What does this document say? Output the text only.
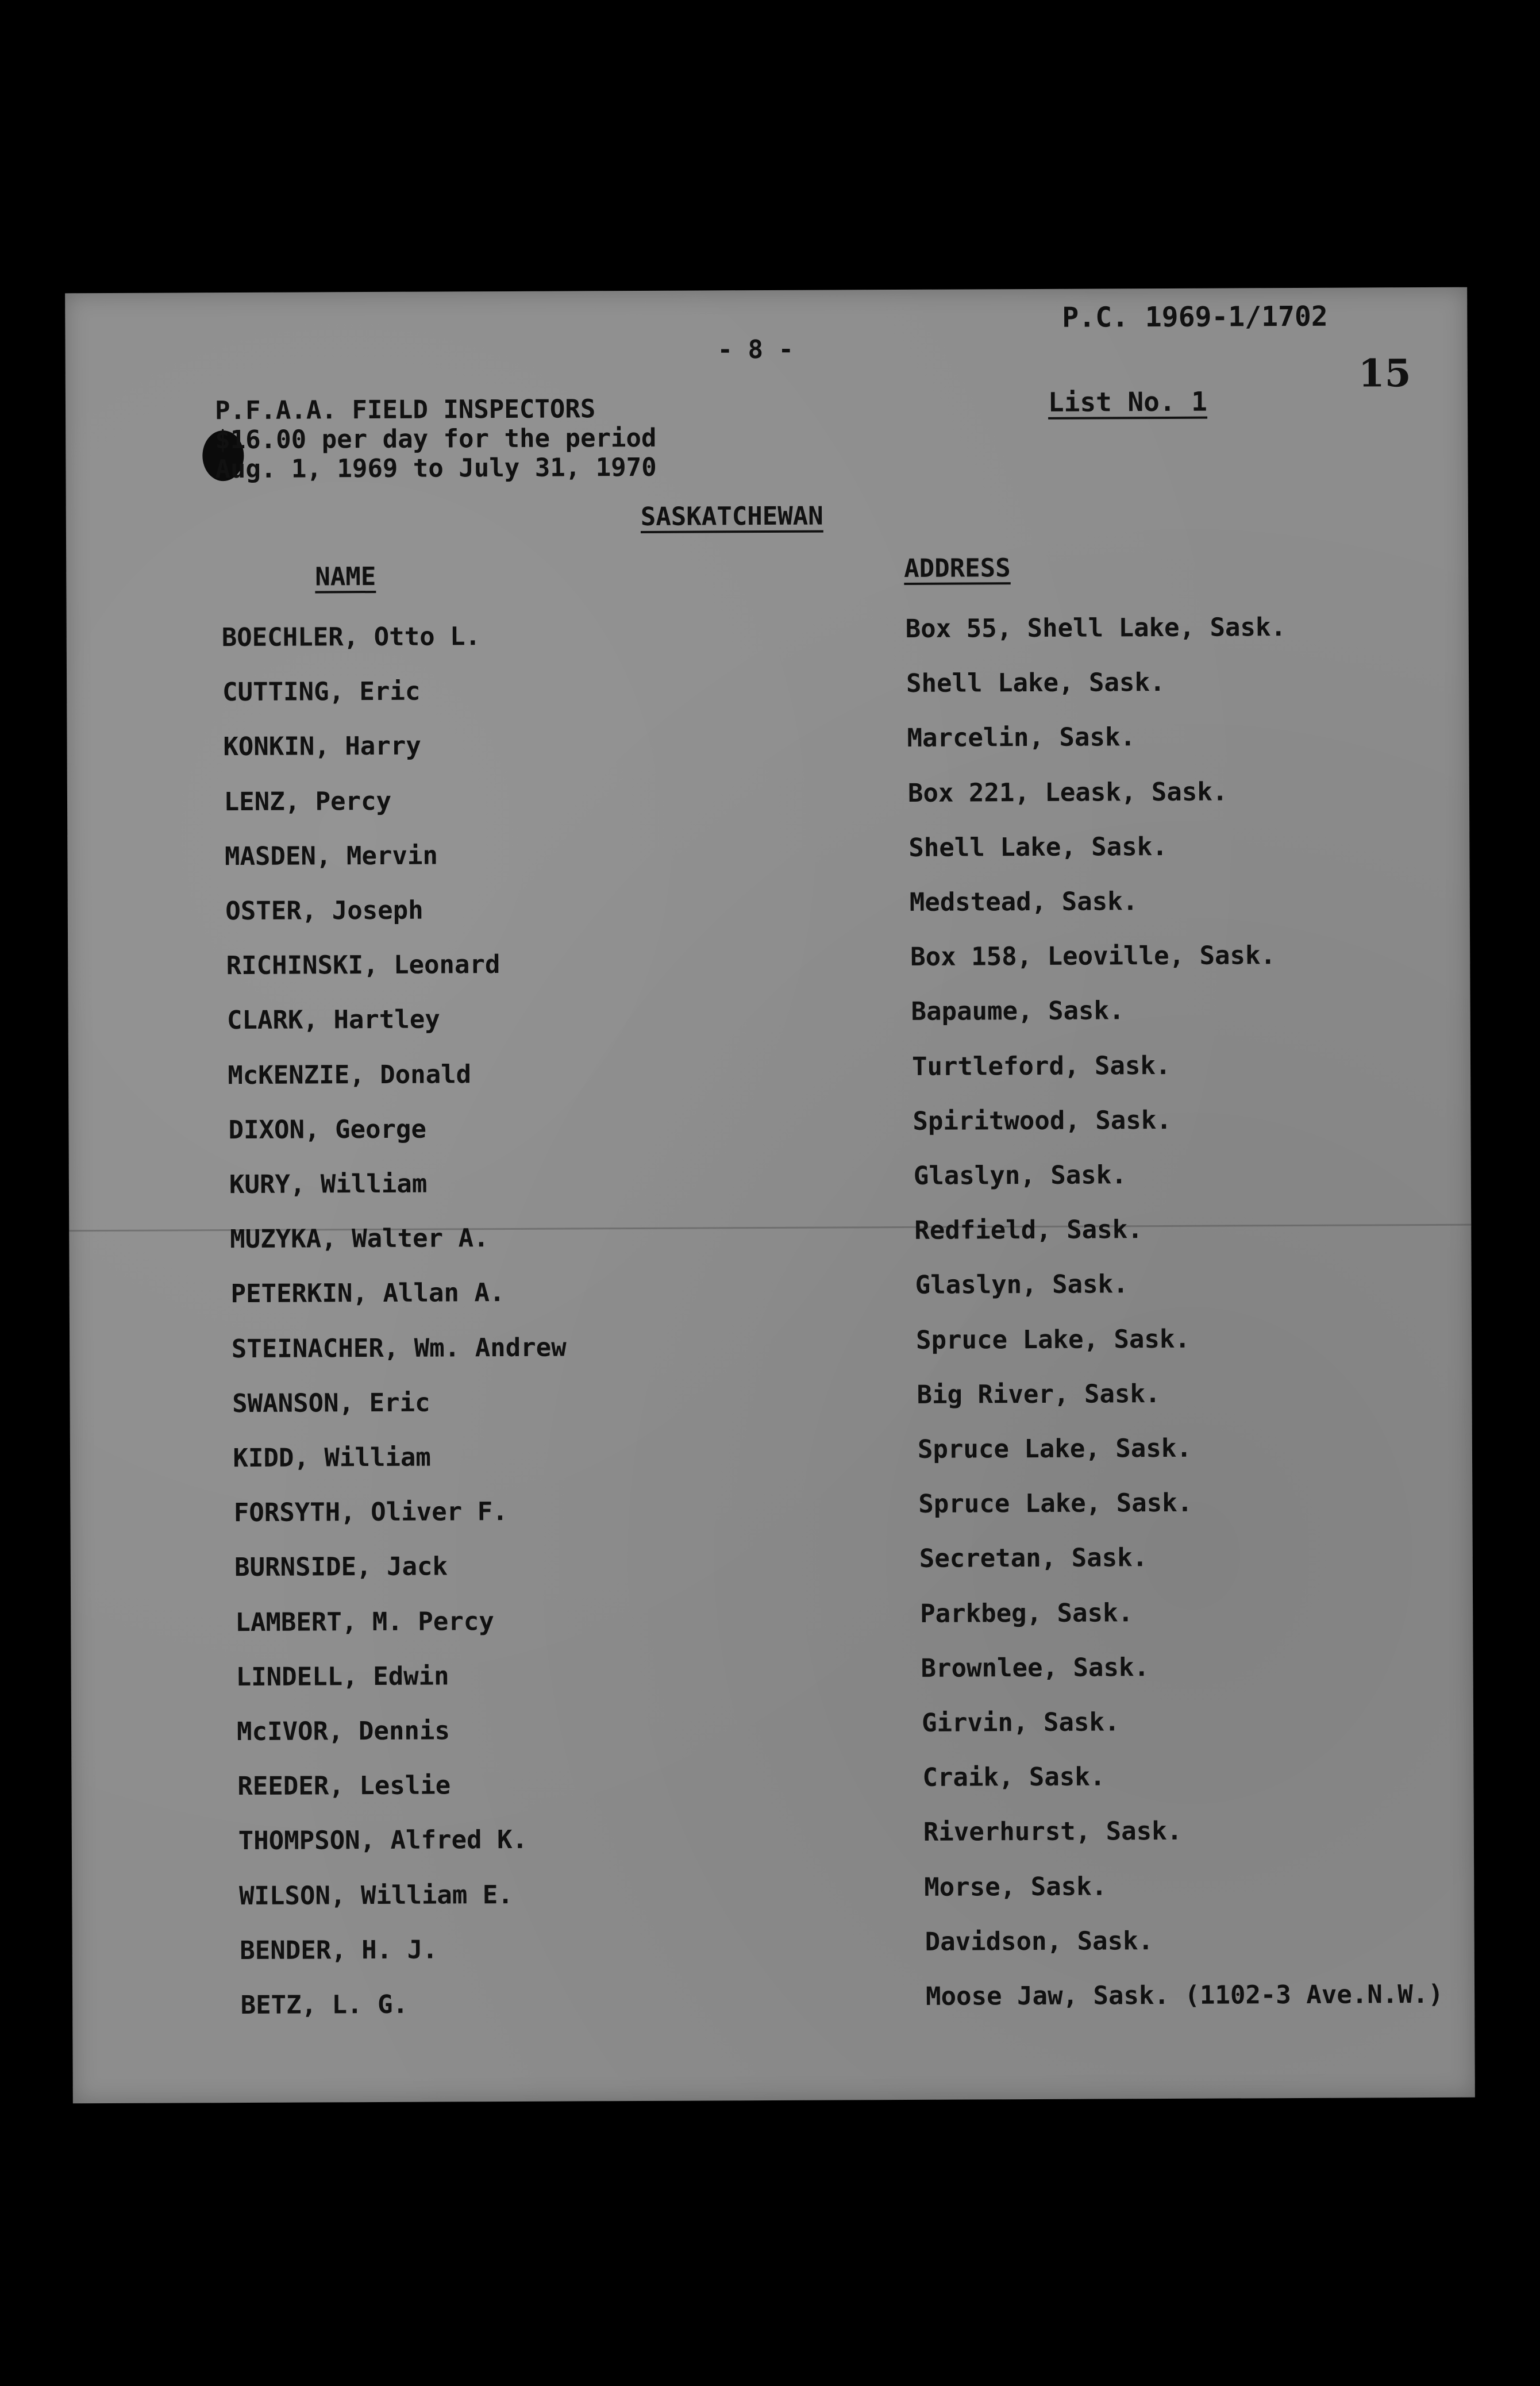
P.C. 1969-1/1702
- 8 -
15
P.F.A.A. FIELD INSPECTORS
$16.00 per day for the period
Aug. 1, 1969 to July 31, 1970
List No. 1
SASKATCHEWAN
NAME	ADDRESS
BOECHLER, Otto L.	Box 55, Shell Lake, Sask.
CUTTING, Eric	Shell Lake, Sask.
KONKIN, Harry	Marcelin, Sask.
LENZ, Percy	Box 221, Leask, Sask.
MASDEN, Mervin	Shell Lake, Sask.
OSTER, Joseph	Medstead, Sask.
RICHINSKI, Leonard	Box 158, Leoville, Sask.
CLARK, Hartley	Bapaume, Sask.
McKENZIE, Donald	Turtleford, Sask.
DIXON, George	Spiritwood, Sask.
KURY, William	Glaslyn, Sask.
MUZYKA, Walter A.	Redfield, Sask.
PETERKIN, Allan A.	Glaslyn, Sask.
STEINACHER, Wm. Andrew	Spruce Lake, Sask.
SWANSON, Eric	Big River, Sask.
KIDD, William	Spruce Lake, Sask.
FORSYTH, Oliver F.	Spruce Lake, Sask.
BURNSIDE, Jack	Secretan, Sask.
LAMBERT, M. Percy	Parkbeg, Sask.
LINDELL, Edwin	Brownlee, Sask.
McIVOR, Dennis	Girvin, Sask.
REEDER, Leslie	Craik, Sask.
THOMPSON, Alfred K.	Riverhurst, Sask.
WILSON, William E.	Morse, Sask.
BENDER, H. J.	Davidson, Sask.
BETZ, L. G.	Moose Jaw, Sask. (1102-3 Ave.N.W.)
